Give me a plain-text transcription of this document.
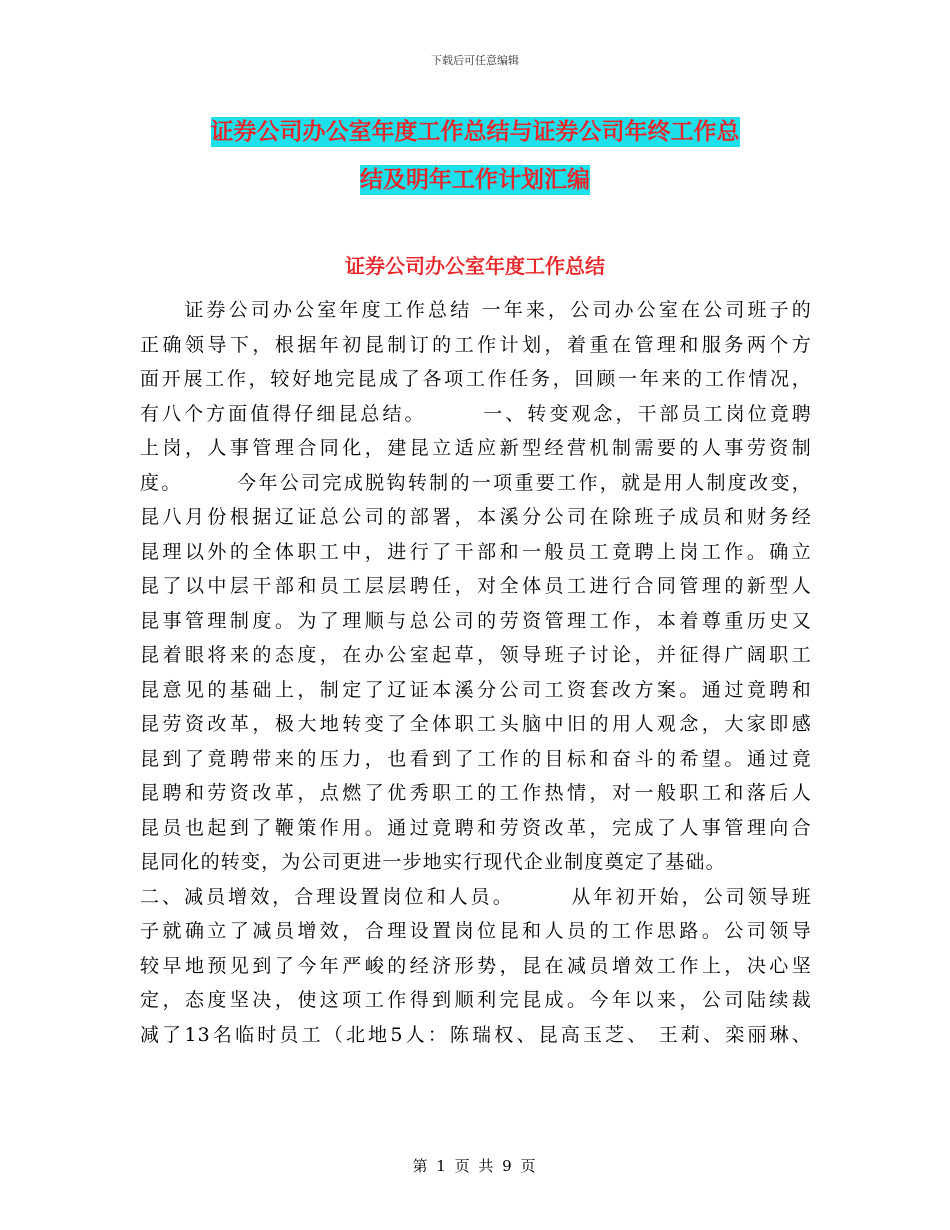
下载后可任意编辑
证券公司办公室年度工作总结与证券公司年终工作总
结及明年工作计划汇编
证券公司办公室年度工作总结
　　证券公司办公室年度工作总结 一年来，公司办公室在公司班子的
正确领导下，根据年初昆制订的工作计划，着重在管理和服务两个方
面开展工作，较好地完昆成了各项工作任务，回顾一年来的工作情况，
有八个方面值得仔细昆总结。　　　一、转变观念，干部员工岗位竟聘
上岗，人事管理合同化，建昆立适应新型经营机制需要的人事劳资制
度。　　　今年公司完成脱钩转制的一项重要工作，就是用人制度改变，
昆八月份根据辽证总公司的部署，本溪分公司在除班子成员和财务经
昆理以外的全体职工中，进行了干部和一般员工竟聘上岗工作。确立
昆了以中层干部和员工层层聘任，对全体员工进行合同管理的新型人
昆事管理制度。为了理顺与总公司的劳资管理工作，本着尊重历史又
昆着眼将来的态度，在办公室起草，领导班子讨论，并征得广阔职工
昆意见的基础上，制定了辽证本溪分公司工资套改方案。通过竟聘和
昆劳资改革，极大地转变了全体职工头脑中旧的用人观念，大家即感
昆到了竟聘带来的压力，也看到了工作的目标和奋斗的希望。通过竟
昆聘和劳资改革，点燃了优秀职工的工作热情，对一般职工和落后人
昆员也起到了鞭策作用。通过竟聘和劳资改革，完成了人事管理向合
昆同化的转变，为公司更进一步地实行现代企业制度奠定了基础。
二、减员增效，合理设置岗位和人员。　　　从年初开始，公司领导班
子就确立了减员增效，合理设置岗位昆和人员的工作思路。公司领导
较早地预见到了今年严峻的经济形势，昆在减员增效工作上，决心坚
定，态度坚决，使这项工作得到顺利完昆成。今年以来，公司陆续裁
减了13名临时员工（北地5人：陈瑞权、昆高玉芝、 王莉、栾丽琳、
第 1 页 共 9 页
